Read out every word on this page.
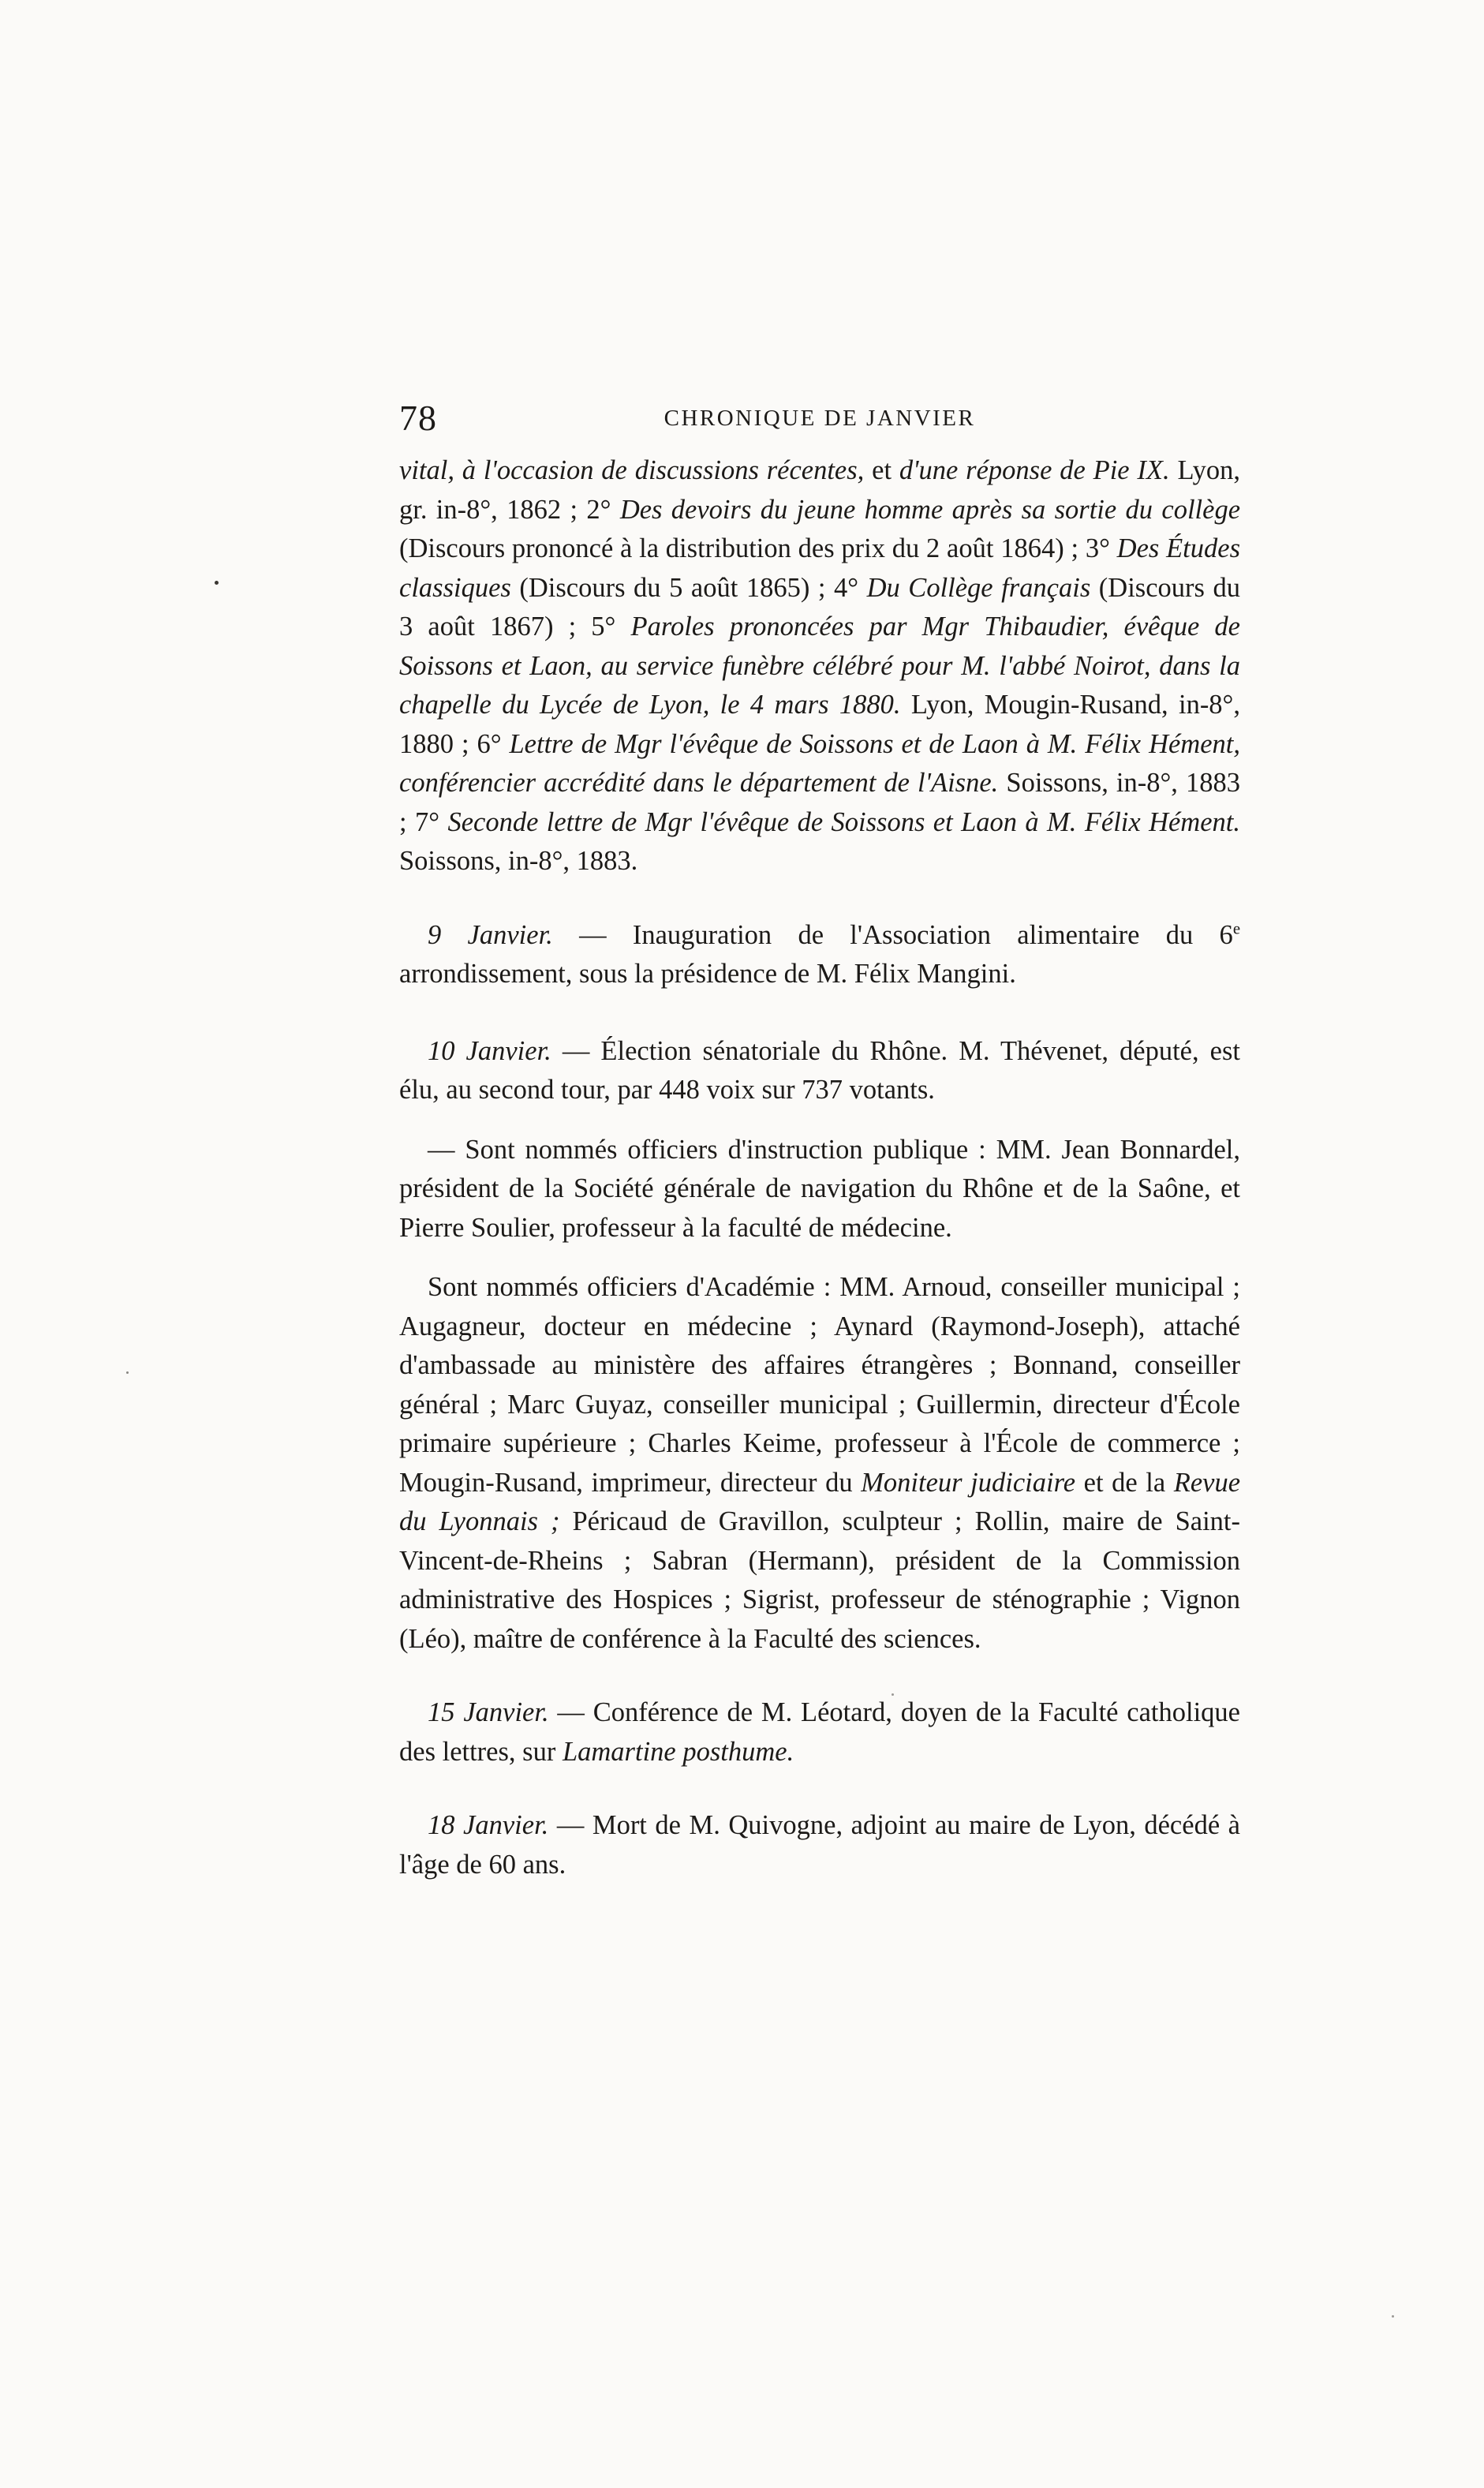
78	CHRONIQUE DE JANVIER

vital, à l'occasion de discussions récentes, et d'une réponse de Pie IX. Lyon, gr. in-8°, 1862 ; 2° Des devoirs du jeune homme après sa sortie du collège (Discours prononcé à la distribution des prix du 2 août 1864) ; 3° Des Études classiques (Discours du 5 août 1865) ; 4° Du Collège français (Discours du 3 août 1867) ; 5° Paroles prononcées par Mgr Thibaudier, évêque de Soissons et Laon, au service funèbre célébré pour M. l'abbé Noirot, dans la chapelle du Lycée de Lyon, le 4 mars 1880. Lyon, Mougin-Rusand, in-8°, 1880 ; 6° Lettre de Mgr l'évêque de Soissons et de Laon à M. Félix Hément, conférencier accrédité dans le département de l'Aisne. Soissons, in-8°, 1883 ; 7° Seconde lettre de Mgr l'évêque de Soissons et Laon à M. Félix Hément. Soissons, in-8°, 1883.

9 Janvier. — Inauguration de l'Association alimentaire du 6e arrondissement, sous la présidence de M. Félix Mangini.

10 Janvier. — Élection sénatoriale du Rhône. M. Thévenet, député, est élu, au second tour, par 448 voix sur 737 votants.

— Sont nommés officiers d'instruction publique : MM. Jean Bonnardel, président de la Société générale de navigation du Rhône et de la Saône, et Pierre Soulier, professeur à la faculté de médecine.

Sont nommés officiers d'Académie : MM. Arnoud, conseiller municipal ; Augagneur, docteur en médecine ; Aynard (Raymond-Joseph), attaché d'ambassade au ministère des affaires étrangères ; Bonnand, conseiller général ; Marc Guyaz, conseiller municipal ; Guillermin, directeur d'École primaire supérieure ; Charles Keime, professeur à l'École de commerce ; Mougin-Rusand, imprimeur, directeur du Moniteur judiciaire et de la Revue du Lyonnais ; Péricaud de Gravillon, sculpteur ; Rollin, maire de Saint-Vincent-de-Rheins ; Sabran (Hermann), président de la Commission administrative des Hospices ; Sigrist, professeur de sténographie ; Vignon (Léo), maître de conférence à la Faculté des sciences.

15 Janvier. — Conférence de M. Léotard, doyen de la Faculté catholique des lettres, sur Lamartine posthume.

18 Janvier. — Mort de M. Quivogne, adjoint au maire de Lyon, décédé à l'âge de 60 ans.
